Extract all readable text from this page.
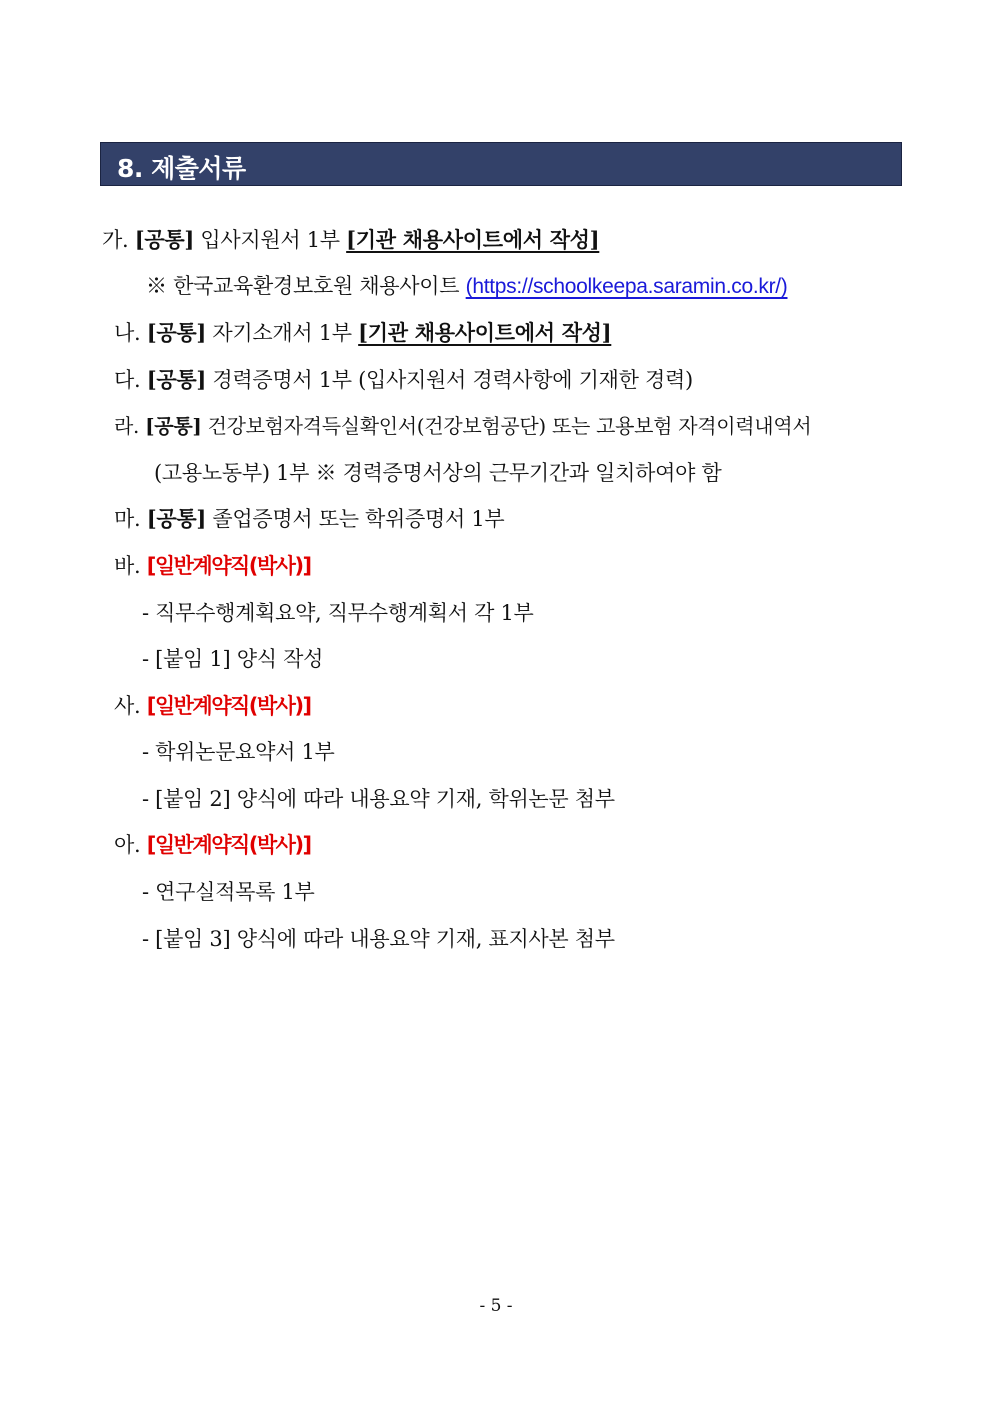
8. 제출서류
가. [공통] 입사지원서 1부 [기관 채용사이트에서 작성]
※ 한국교육환경보호원 채용사이트 (https://schoolkeepa.saramin.co.kr/)
나. [공통] 자기소개서 1부 [기관 채용사이트에서 작성]
다. [공통] 경력증명서 1부 (입사지원서 경력사항에 기재한 경력)
라. [공통] 건강보험자격득실확인서(건강보험공단) 또는 고용보험 자격이력내역서
(고용노동부) 1부 ※ 경력증명서상의 근무기간과 일치하여야 함
마. [공통] 졸업증명서 또는 학위증명서 1부
바. [일반계약직(박사)]
- 직무수행계획요약, 직무수행계획서 각 1부
- [붙임 1] 양식 작성
사. [일반계약직(박사)]
- 학위논문요약서 1부
- [붙임 2] 양식에 따라 내용요약 기재, 학위논문 첨부
아. [일반계약직(박사)]
- 연구실적목록 1부
- [붙임 3] 양식에 따라 내용요약 기재, 표지사본 첨부
- 5 -
